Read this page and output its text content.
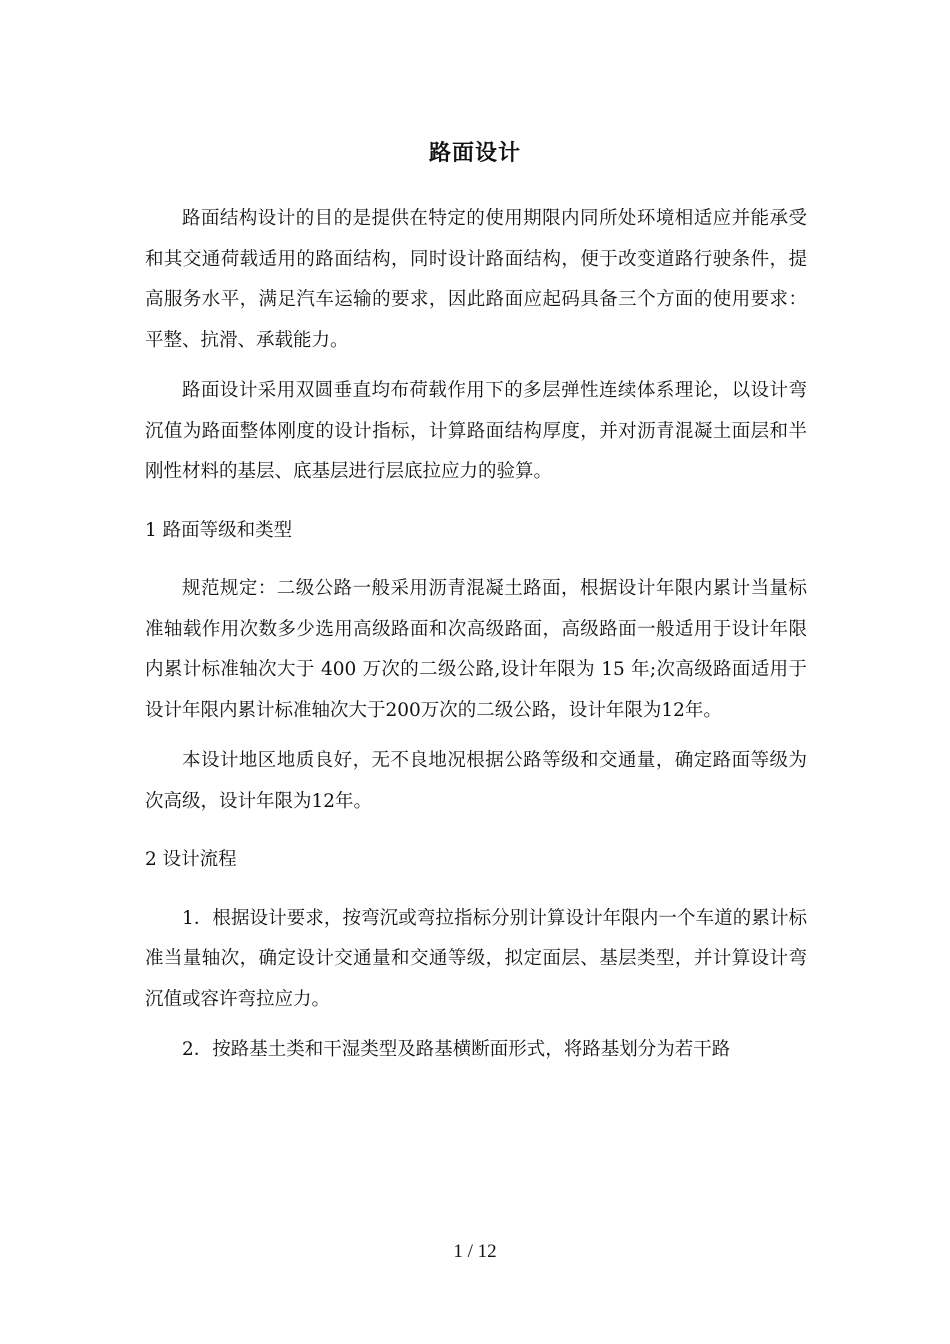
路面设计

路面结构设计的目的是提供在特定的使用期限内同所处环境相适应并能承受和其交通荷载适用的路面结构，同时设计路面结构，便于改变道路行驶条件，提高服务水平，满足汽车运输的要求，因此路面应起码具备三个方面的使用要求：平整、抗滑、承载能力。

路面设计采用双圆垂直均布荷载作用下的多层弹性连续体系理论，以设计弯沉值为路面整体刚度的设计指标，计算路面结构厚度，并对沥青混凝土面层和半刚性材料的基层、底基层进行层底拉应力的验算。

1 路面等级和类型

规范规定：二级公路一般采用沥青混凝土路面，根据设计年限内累计当量标准轴载作用次数多少选用高级路面和次高级路面，高级路面一般适用于设计年限内累计标准轴次大于 400 万次的二级公路,设计年限为 15 年;次高级路面适用于设计年限内累计标准轴次大于200万次的二级公路，设计年限为12年。

本设计地区地质良好，无不良地况根据公路等级和交通量，确定路面等级为次高级，设计年限为12年。

2 设计流程

1．根据设计要求，按弯沉或弯拉指标分别计算设计年限内一个车道的累计标准当量轴次，确定设计交通量和交通等级，拟定面层、基层类型，并计算设计弯沉值或容许弯拉应力。

2．按路基土类和干湿类型及路基横断面形式，将路基划分为若干路

1 / 12
